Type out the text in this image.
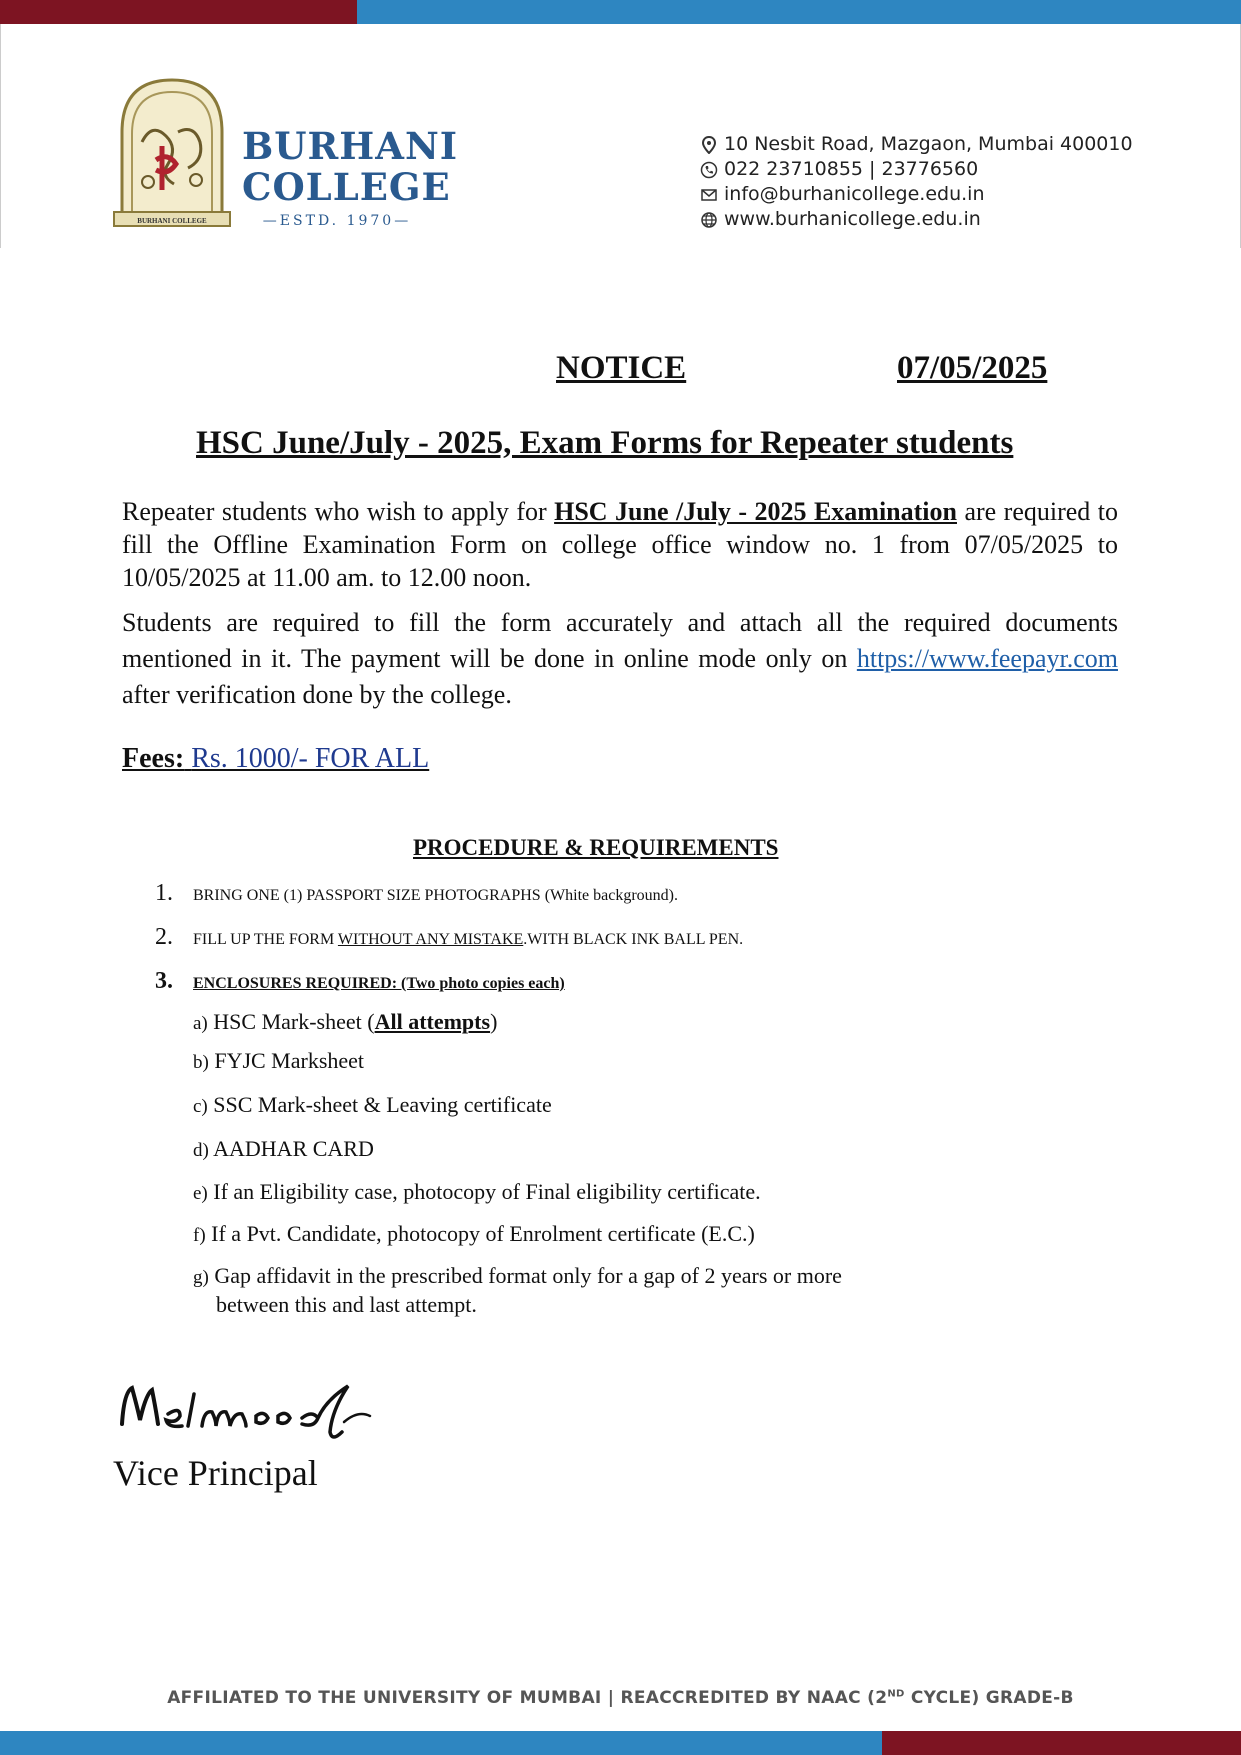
BURHANI COLLEGE
BURHANI
COLLEGE
—ESTD. 1970—
10 Nesbit Road, Mazgaon, Mumbai 400010
022 23710855 | 23776560
info@burhanicollege.edu.in
www.burhanicollege.edu.in
NOTICE	07/05/2025
HSC June/July - 2025, Exam Forms for Repeater students
Repeater students who wish to apply for HSC June /July - 2025 Examination are required to fill the Offline Examination Form on college office window no. 1 from 07/05/2025 to 10/05/2025 at 11.00 am. to 12.00 noon.
Students are required to fill the form accurately and attach all the required documents mentioned in it. The payment will be done in online mode only on https://www.feepayr.com after verification done by the college.
Fees: Rs. 1000/- FOR ALL
PROCEDURE & REQUIREMENTS
1. BRING ONE (1) PASSPORT SIZE PHOTOGRAPHS (White background).
2. FILL UP THE FORM WITHOUT ANY MISTAKE.WITH BLACK INK BALL PEN.
3. ENCLOSURES REQUIRED: (Two photo copies each)
a) HSC Mark-sheet (All attempts)
b) FYJC Marksheet
c) SSC Mark-sheet & Leaving certificate
d) AADHAR CARD
e) If an Eligibility case, photocopy of Final eligibility certificate.
f) If a Pvt. Candidate, photocopy of Enrolment certificate (E.C.)
g) Gap affidavit in the prescribed format only for a gap of 2 years or more
between this and last attempt.
Vice Principal
AFFILIATED TO THE UNIVERSITY OF MUMBAI | REACCREDITED BY NAAC (2ND CYCLE) GRADE-B
